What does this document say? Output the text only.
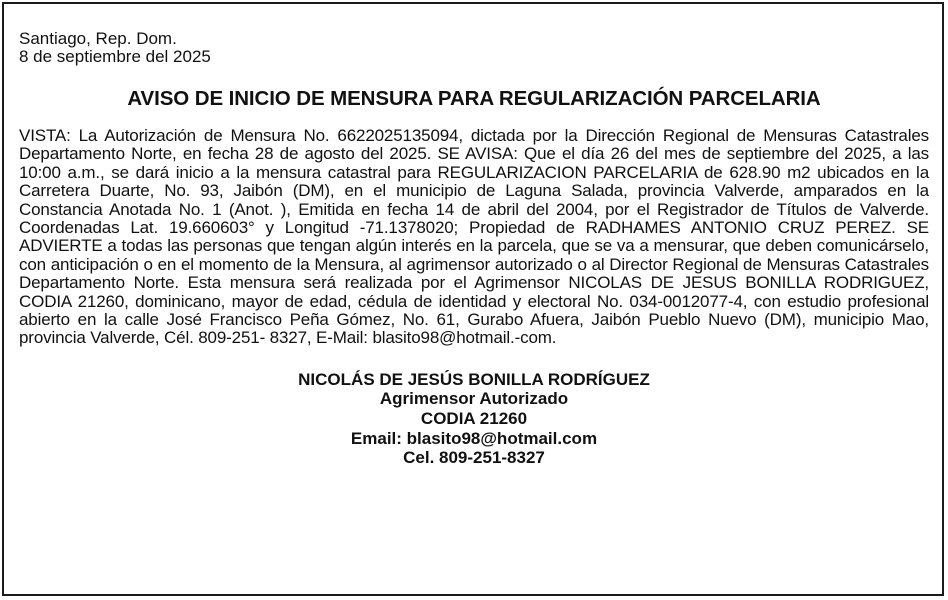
Santiago, Rep. Dom.
8 de septiembre del 2025
AVISO DE INICIO DE MENSURA PARA REGULARIZACIÓN PARCELARIA
VISTA: La Autorización de Mensura No. 6622025135094, dictada por la Dirección Regional de Mensuras Catastrales Departamento Norte, en fecha 28 de agosto del 2025. SE AVISA: Que el día 26 del mes de septiembre del 2025, a las 10:00 a.m., se dará inicio a la mensura catastral para REGULARIZACION PARCELARIA de 628.90 m2 ubicados en la Carretera Duarte, No. 93, Jaibón (DM), en el municipio de Laguna Salada, provincia Valverde, amparados en la Constancia Anotada No. 1 (Anot. ), Emitida en fecha 14 de abril del 2004, por el Registrador de Títulos de Valverde. Coordenadas Lat. 19.660603° y Longitud -71.1378020; Propiedad de RADHAMES ANTONIO CRUZ PEREZ. SE ADVIERTE a todas las personas que tengan algún interés en la parcela, que se va a mensurar, que deben comunicárselo, con anticipación o en el momento de la Mensura, al agrimensor autorizado o al Director Regional de Mensuras Catastrales Departamento Norte. Esta mensura será realizada por el Agrimensor NICOLAS DE JESUS BONILLA RODRIGUEZ, CODIA 21260, dominicano, mayor de edad, cédula de identidad y electoral No. 034-0012077-4, con estudio profesional abierto en la calle José Francisco Peña Gómez, No. 61, Gurabo Afuera, Jaibón Pueblo Nuevo (DM), municipio Mao, provincia Valverde, Cél. 809-251- 8327, E-Mail: blasito98@hotmail.-com.
NICOLÁS DE JESÚS BONILLA RODRÍGUEZ
Agrimensor Autorizado
CODIA 21260
Email: blasito98@hotmail.com
Cel. 809-251-8327
